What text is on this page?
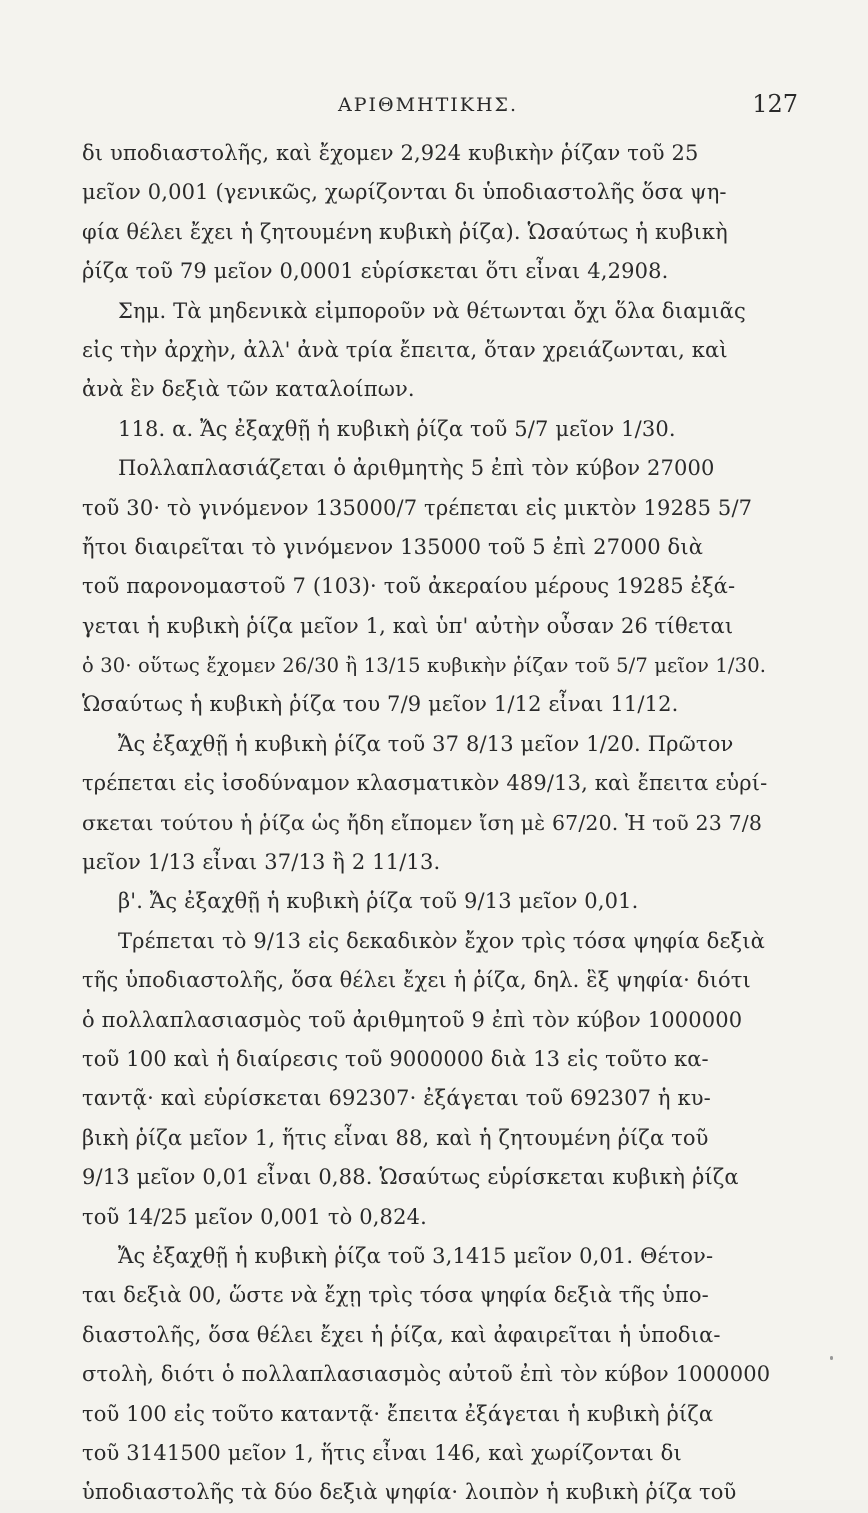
ΑΡΙΘΜΗΤΙΚΗΣ.	127
δι υποδιαστολῆς, καὶ ἔχομεν 2,924 κυβικὴν ῥίζαν τοῦ 25
μεῖον 0,001 (γενικῶς, χωρίζονται δι ὑποδιαστολῆς ὅσα ψη-
φία θέλει ἔχει ἡ ζητουμένη κυβικὴ ῥίζα). Ὡσαύτως ἡ κυβικὴ
ῥίζα τοῦ 79 μεῖον 0,0001 εὑρίσκεται ὅτι εἶναι 4,2908.
Σημ. Τὰ μηδενικὰ εἰμποροῦν νὰ θέτωνται ὄχι ὅλα διαμιᾶς
εἰς τὴν ἀρχὴν, ἀλλ' ἀνὰ τρία ἔπειτα, ὅταν χρειάζωνται, καὶ
ἀνὰ ἓν δεξιὰ τῶν καταλοίπων.
118. α. Ἄς ἐξαχθῇ ἡ κυβικὴ ῥίζα τοῦ 5/7 μεῖον 1/30.
Πολλαπλασιάζεται ὁ ἀριθμητὴς 5 ἐπὶ τὸν κύβον 27000
τοῦ 30· τὸ γινόμενον 135000/7 τρέπεται εἰς μικτὸν 19285 5/7
ἤτοι διαιρεῖται τὸ γινόμενον 135000 τοῦ 5 ἐπὶ 27000 διὰ
τοῦ παρονομαστοῦ 7 (103)· τοῦ ἀκεραίου μέρους 19285 ἐξά-
γεται ἡ κυβικὴ ῥίζα μεῖον 1, καὶ ὑπ' αὐτὴν οὖσαν 26 τίθεται
ὁ 30· οὕτως ἔχομεν 26/30 ἢ 13/15 κυβικὴν ῥίζαν τοῦ 5/7 μεῖον 1/30.
Ὡσαύτως ἡ κυβικὴ ῥίζα του 7/9 μεῖον 1/12 εἶναι 11/12.
Ἄς ἐξαχθῇ ἡ κυβικὴ ῥίζα τοῦ 37 8/13 μεῖον 1/20. Πρῶτον
τρέπεται εἰς ἰσοδύναμον κλασματικὸν 489/13, καὶ ἔπειτα εὑρί-
σκεται τούτου ἡ ῥίζα ὡς ἤδη εἴπομεν ἴση μὲ 67/20. Ἡ τοῦ 23 7/8
μεῖον 1/13 εἶναι 37/13 ἢ 2 11/13.
β'. Ἄς ἐξαχθῇ ἡ κυβικὴ ῥίζα τοῦ 9/13 μεῖον 0,01.
Τρέπεται τὸ 9/13 εἰς δεκαδικὸν ἔχον τρὶς τόσα ψηφία δεξιὰ
τῆς ὑποδιαστολῆς, ὅσα θέλει ἔχει ἡ ῥίζα, δηλ. ἓξ ψηφία· διότι
ὁ πολλαπλασιασμὸς τοῦ ἀριθμητοῦ 9 ἐπὶ τὸν κύβον 1000000
τοῦ 100 καὶ ἡ διαίρεσις τοῦ 9000000 διὰ 13 εἰς τοῦτο κα-
ταντᾷ· καὶ εὑρίσκεται 692307· ἐξάγεται τοῦ 692307 ἡ κυ-
βικὴ ῥίζα μεῖον 1, ἥτις εἶναι 88, καὶ ἡ ζητουμένη ῥίζα τοῦ
9/13 μεῖον 0,01 εἶναι 0,88. Ὡσαύτως εὑρίσκεται κυβικὴ ῥίζα
τοῦ 14/25 μεῖον 0,001 τὸ 0,824.
Ἄς ἐξαχθῇ ἡ κυβικὴ ῥίζα τοῦ 3,1415 μεῖον 0,01. Θέτον-
ται δεξιὰ 00, ὥστε νὰ ἔχῃ τρὶς τόσα ψηφία δεξιὰ τῆς ὑπο-
διαστολῆς, ὅσα θέλει ἔχει ἡ ῥίζα, καὶ ἀφαιρεῖται ἡ ὑποδια-
στολὴ, διότι ὁ πολλαπλασιασμὸς αὐτοῦ ἐπὶ τὸν κύβον 1000000
τοῦ 100 εἰς τοῦτο καταντᾷ· ἔπειτα ἐξάγεται ἡ κυβικὴ ῥίζα
τοῦ 3141500 μεῖον 1, ἥτις εἶναι 146, καὶ χωρίζονται δι
ὑποδιαστολῆς τὰ δύο δεξιὰ ψηφία· λοιπὸν ἡ κυβικὴ ῥίζα τοῦ
